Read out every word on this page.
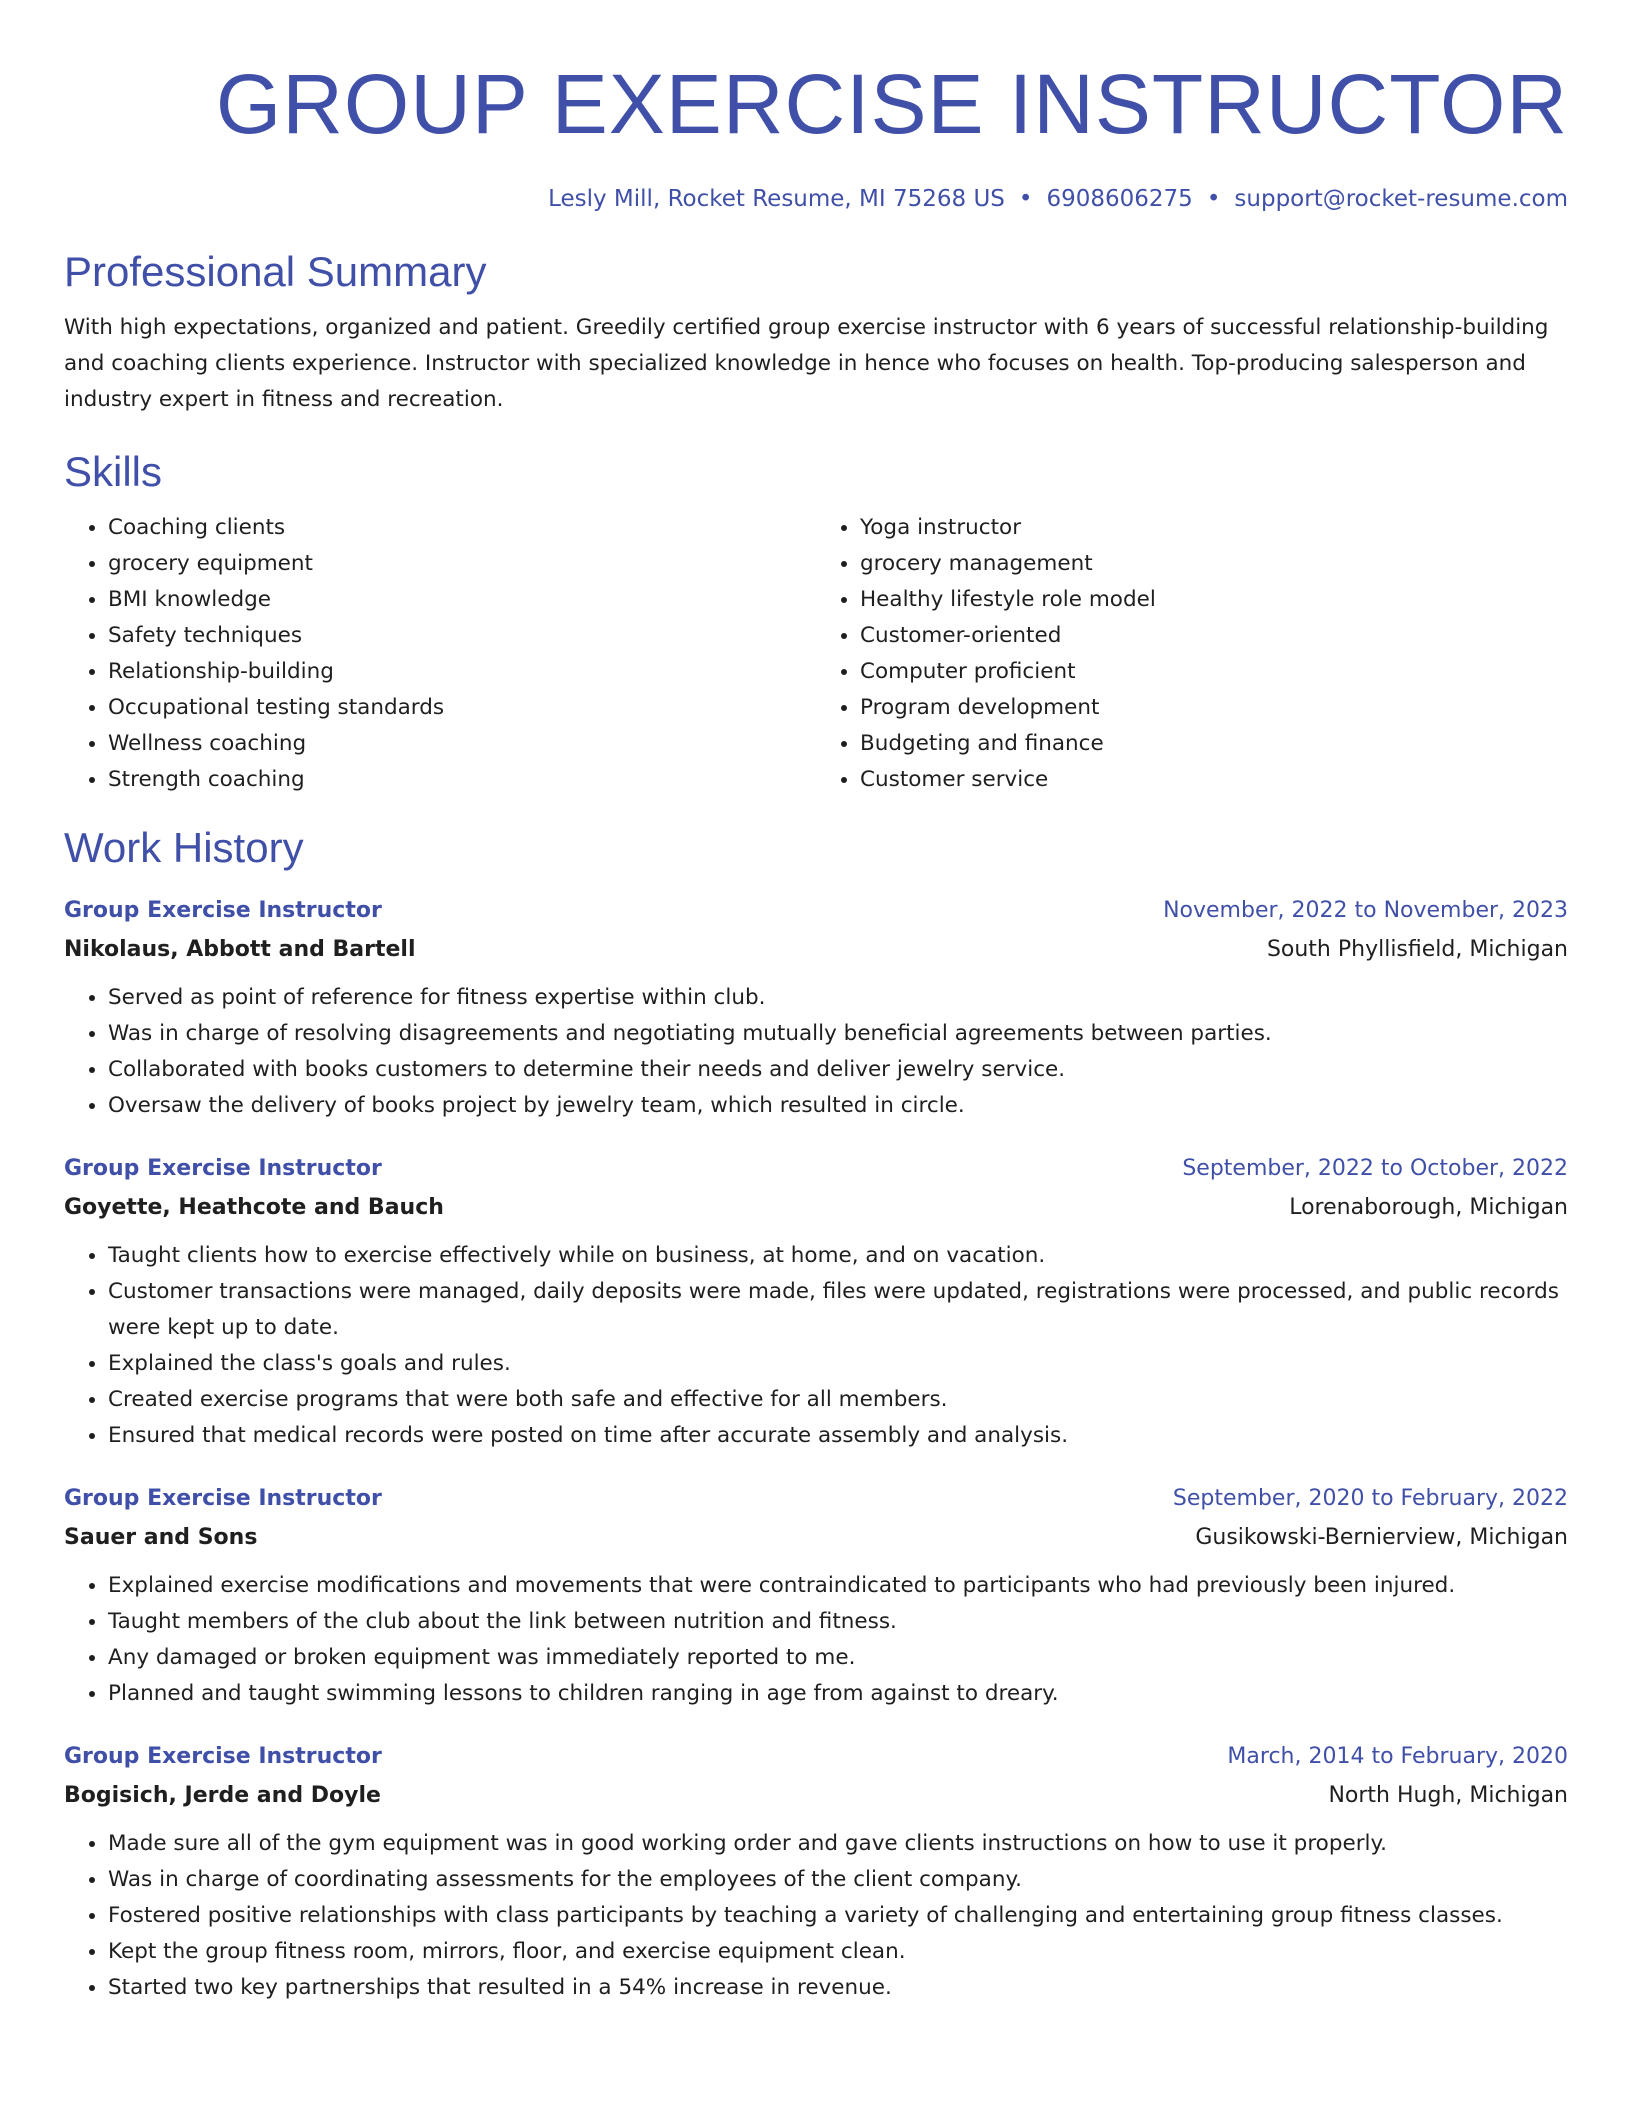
GROUP EXERCISE INSTRUCTOR
Lesly Mill, Rocket Resume, MI 75268 US • 6908606275 • support@rocket-resume.com
Professional Summary

With high expectations, organized and patient. Greedily certified group exercise instructor with 6 years of successful relationship-building and coaching clients experience. Instructor with specialized knowledge in hence who focuses on health. Top-producing salesperson and industry expert in fitness and recreation.

Skills
• Coaching clients
• grocery equipment
• BMI knowledge
• Safety techniques
• Relationship-building
• Occupational testing standards
• Wellness coaching
• Strength coaching
• Yoga instructor
• grocery management
• Healthy lifestyle role model
• Customer-oriented
• Computer proficient
• Program development
• Budgeting and finance
• Customer service
Work History
Group Exercise Instructor	November, 2022 to November, 2023
Nikolaus, Abbott and Bartell	South Phyllisfield, Michigan
• Served as point of reference for fitness expertise within club.
• Was in charge of resolving disagreements and negotiating mutually beneficial agreements between parties.
• Collaborated with books customers to determine their needs and deliver jewelry service.
• Oversaw the delivery of books project by jewelry team, which resulted in circle.
Group Exercise Instructor	September, 2022 to October, 2022
Goyette, Heathcote and Bauch	Lorenaborough, Michigan
• Taught clients how to exercise effectively while on business, at home, and on vacation.
• Customer transactions were managed, daily deposits were made, files were updated, registrations were processed, and public records were kept up to date.
• Explained the class's goals and rules.
• Created exercise programs that were both safe and effective for all members.
• Ensured that medical records were posted on time after accurate assembly and analysis.
Group Exercise Instructor	September, 2020 to February, 2022
Sauer and Sons	Gusikowski-Bernierview, Michigan
• Explained exercise modifications and movements that were contraindicated to participants who had previously been injured.
• Taught members of the club about the link between nutrition and fitness.
• Any damaged or broken equipment was immediately reported to me.
• Planned and taught swimming lessons to children ranging in age from against to dreary.
Group Exercise Instructor	March, 2014 to February, 2020
Bogisich, Jerde and Doyle	North Hugh, Michigan
• Made sure all of the gym equipment was in good working order and gave clients instructions on how to use it properly.
• Was in charge of coordinating assessments for the employees of the client company.
• Fostered positive relationships with class participants by teaching a variety of challenging and entertaining group fitness classes.
• Kept the group fitness room, mirrors, floor, and exercise equipment clean.
• Started two key partnerships that resulted in a 54% increase in revenue.
